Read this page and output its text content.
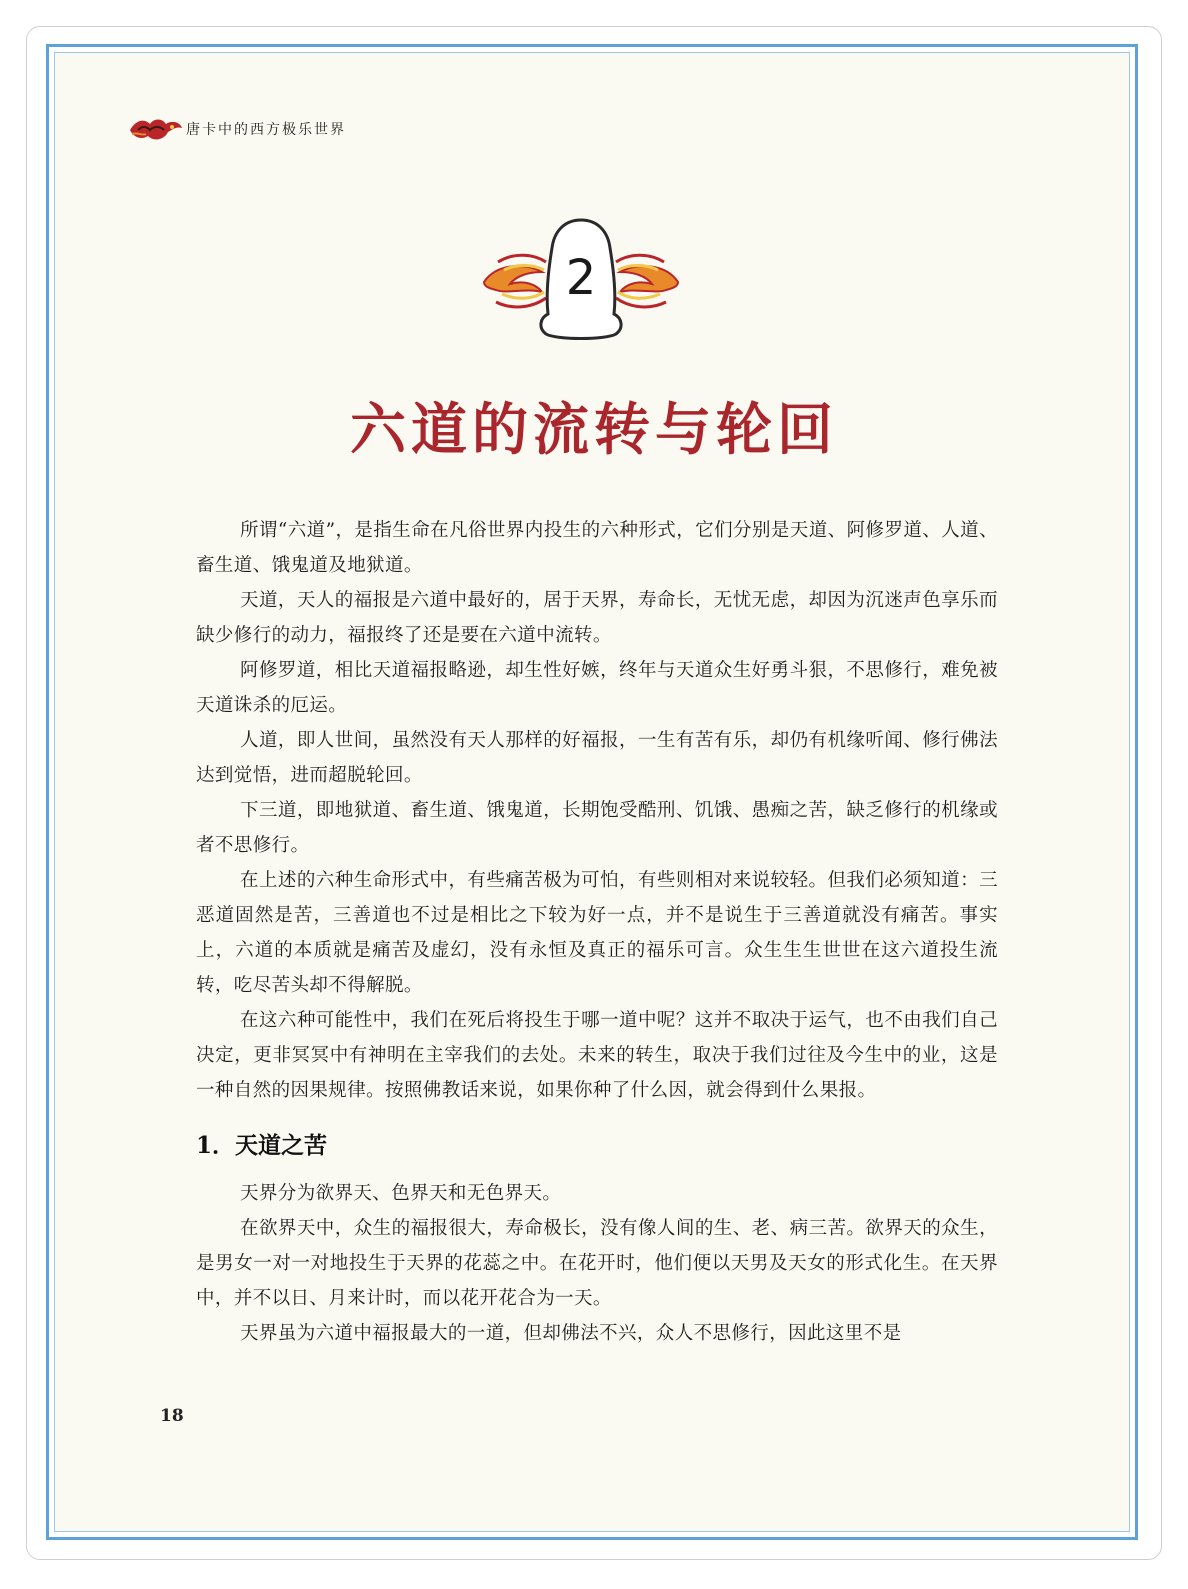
唐卡中的西方极乐世界
2
六道的流转与轮回

所谓“六道”，是指生命在凡俗世界内投生的六种形式，它们分别是天道、阿修罗道、人道、畜生道、饿鬼道及地狱道。

天道，天人的福报是六道中最好的，居于天界，寿命长，无忧无虑，却因为沉迷声色享乐而缺少修行的动力，福报终了还是要在六道中流转。

阿修罗道，相比天道福报略逊，却生性好嫉，终年与天道众生好勇斗狠，不思修行，难免被天道诛杀的厄运。

人道，即人世间，虽然没有天人那样的好福报，一生有苦有乐，却仍有机缘听闻、修行佛法达到觉悟，进而超脱轮回。

下三道，即地狱道、畜生道、饿鬼道，长期饱受酷刑、饥饿、愚痴之苦，缺乏修行的机缘或者不思修行。

在上述的六种生命形式中，有些痛苦极为可怕，有些则相对来说较轻。但我们必须知道：三恶道固然是苦，三善道也不过是相比之下较为好一点，并不是说生于三善道就没有痛苦。事实上，六道的本质就是痛苦及虚幻，没有永恒及真正的福乐可言。众生生生世世在这六道投生流转，吃尽苦头却不得解脱。

在这六种可能性中，我们在死后将投生于哪一道中呢？这并不取决于运气，也不由我们自己决定，更非冥冥中有神明在主宰我们的去处。未来的转生，取决于我们过往及今生中的业，这是一种自然的因果规律。按照佛教话来说，如果你种了什么因，就会得到什么果报。

1．天道之苦

天界分为欲界天、色界天和无色界天。

在欲界天中，众生的福报很大，寿命极长，没有像人间的生、老、病三苦。欲界天的众生，是男女一对一对地投生于天界的花蕊之中。在花开时，他们便以天男及天女的形式化生。在天界中，并不以日、月来计时，而以花开花合为一天。

天界虽为六道中福报最大的一道，但却佛法不兴，众人不思修行，因此这里不是

18
